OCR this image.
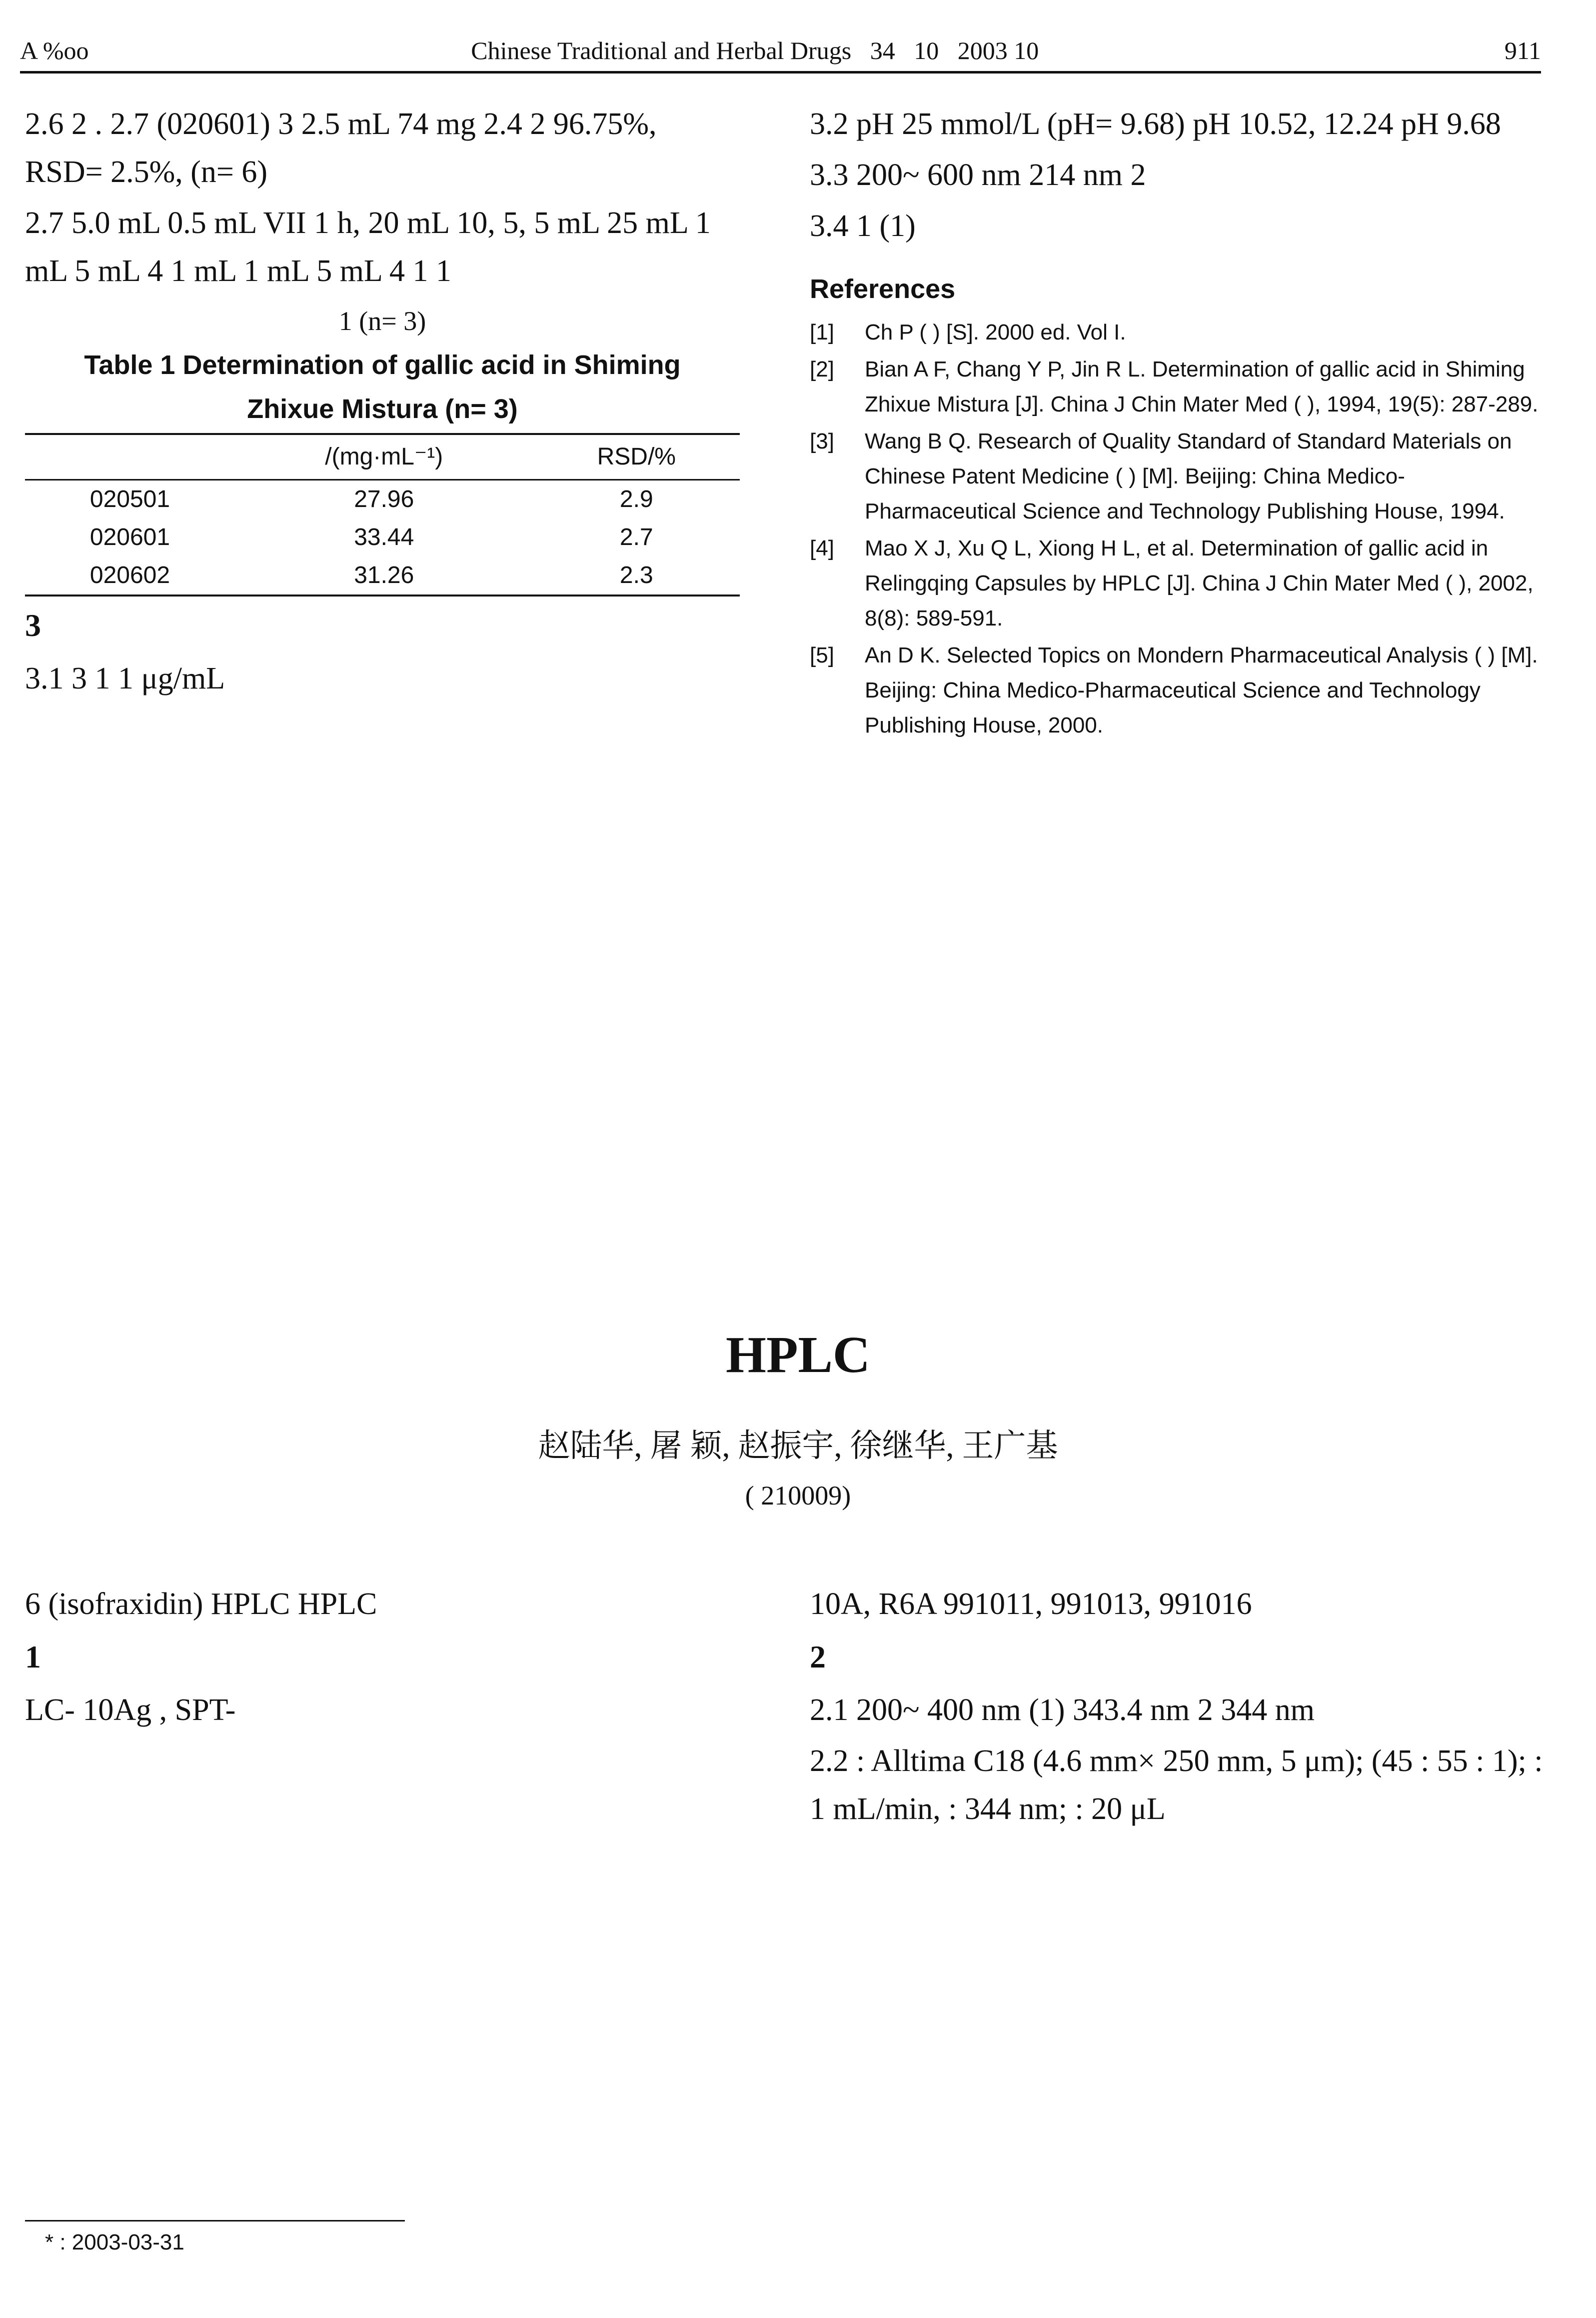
A %oo	Chinese Traditional and Herbal Drugs 34 10 2003 10	911

2.6 2 . 2.7 (020601) 3 2.5 mL 74 mg 2.4 2 96.75%, RSD= 2.5%, (n= 6)

2.7 5.0 mL 0.5 mL VII 1 h, 20 mL 10, 5, 5 mL 25 mL 1 mL 5 mL 4 1 mL 1 mL 5 mL 4 1 1

1 (n= 3)
Table 1 Determination of gallic acid in Shiming
Zhixue Mistura (n= 3)
	/(mg·mL⁻¹)	RSD/%
020501	27.96	2.9
020601	33.44	2.7
020602	31.26	2.3
3

3.1 3 1 1 μg/mL

3.2 pH 25 mmol/L (pH= 9.68) pH 10.52, 12.24 pH 9.68

3.3 200~ 600 nm 214 nm 2

3.4 1 (1)

References
[1]	Ch P ( ) [S]. 2000 ed. Vol I.
[2]	Bian A F, Chang Y P, Jin R L. Determination of gallic acid in Shiming Zhixue Mistura [J]. China J Chin Mater Med ( ), 1994, 19(5): 287-289.
[3]	Wang B Q. Research of Quality Standard of Standard Materials on Chinese Patent Medicine ( ) [M]. Beijing: China Medico-Pharmaceutical Science and Technology Publishing House, 1994.
[4]	Mao X J, Xu Q L, Xiong H L, et al. Determination of gallic acid in Relingqing Capsules by HPLC [J]. China J Chin Mater Med ( ), 2002, 8(8): 589-591.
[5]	An D K. Selected Topics on Mondern Pharmaceutical Analysis ( ) [M]. Beijing: China Medico-Pharmaceutical Science and Technology Publishing House, 2000.
HPLC
赵陆华, 屠 颖, 赵振宇, 徐继华, 王广基
( 210009)

6 (isofraxidin) HPLC HPLC

1

LC- 10Ag , SPT-

10A, R6A 991011, 991013, 991016

2

2.1 200~ 400 nm (1) 343.4 nm 2 344 nm

2.2 : Alltima C18 (4.6 mm× 250 mm, 5 μm); (45 : 55 : 1); : 1 mL/min, : 344 nm; : 20 μL

* : 2003-03-31
